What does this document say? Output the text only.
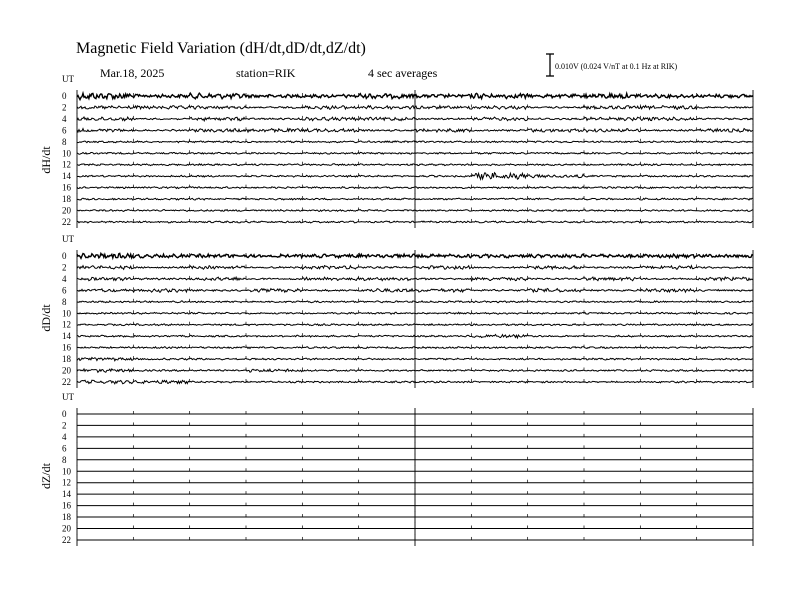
Magnetic Field Variation (dH/dt,dD/dt,dZ/dt)
Mar.18, 2025	station=RIK	4 sec averages	0.010V (0.024 V/nT at 0.1 Hz at RIK)
UT
dH/dt
0
2
4
6
8
10
12
14
16
18
20
22
UT
dD/dt
0
2
4
6
8
10
12
14
16
18
20
22
UT
dZ/dt
0
2
4
6
8
10
12
14
16
18
20
22
